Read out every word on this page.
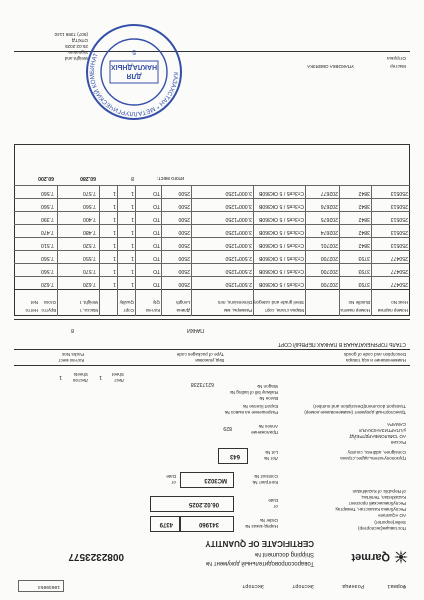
Форма1
Розница
Экспорт
Экспорт
10030054
Qarmet
Товаросопроводительный документ №
Shipping document №
CERTIFICATE OF QUANTITY
0082323577
Поставщик(экспортер)
Seller(exporter)
АО «Qarmet»
Республика Казахстан, Темиртау,
Республиканский проспект
Kazakhstan, Temirtau,
of Republic of Kazakhstan
Наряд-заказ №
Order №
341960
4379
от
Date
06.02.2025
Контракт №
Contract №
МС3023
от
Date
Грузополучатель,адрес,страна
Consignee, address, country
Россия
АО 'СИБЛОМБАРДТРЕЙД'
ул.ПАРТИЗАНСКАЯ,8
САМАРА
Лот №
Lot №
643
Приложение
Annex №
829
Транспортный документ (наименование,номер)
Transport document(Description and number)
Разрешение на вывоз №
Export license №
Вагон №
Railway bill of lading №
Wagon №
62173238
Лист
Sheet
1
Листов
Sheets
1
Наименование и код товара
Description and code of goods
Вид упаковки
Type of packages code
Кол-во мест
Packs Nos
СТАЛЬ ГОРЯЧЕКАТАНАЯ В ПАЧКАХ ПЕРВЫЙ СОРТ
ПАЧКИ
8
Мастер
Отгрузка
УПАКОВКА ОБВЯЗКА
Weight and
Signature
25.02.2025
ОТК/ТД
(907) 7389 1140
КАЗАХСТАН * МЕТАЛЛУРГИЧЕСКИЙ КОМБИНАТ
ДЛЯ
НАКЛАДНЫХ
5
Номер партии
Heat No
Номер пакета
Bundle No
Марка стали, сорт
Steel grade and category
Размеры, мм
Dimensions, mm
Длина
Length
Кол-во
Qty
Сорт
Quality
Масса, т
Weight, t
Брутто
Gross
Нетто
Net
250477
3793
202700
Ст3сп5 / 5 ОК360В
2.500*1250
2500
ТО
1
1
7.620
7.620
250477
3793
202700
Ст3сп5 / 5 ОК360В
2.500*1250
2500
ТО
1
1
7.570
7.560
250477
3793
202700
Ст3сп5 / 5 ОК360В
2.500*1250
2500
ТО
1
1
7.550
7.560
250513
3842
202701
Ст3сп5 / 5 ОК360В
3.000*1250
2500
ТО
1
1
7.520
7.510
250513
3842
202674
Ст3сп5 / 5 ОК360В
3.000*1250
2500
ТО
1
1
7.480
7.470
250513
3842
202675
Ст3сп5 / 5 ОК360В
3.000*1250
2500
ТО
1
1
7.400
7.390
250513
3842
202676
Ст3сп5 / 5 ОК360В
3.000*1250
2500
ТО
1
1
7.560
7.560
250513
3842
202677
Ст3сп5 / 5 ОК360В
3.000*1250
2500
ТО
1
1
7.570
7.560
итого мест:
8
60.280
60.200
